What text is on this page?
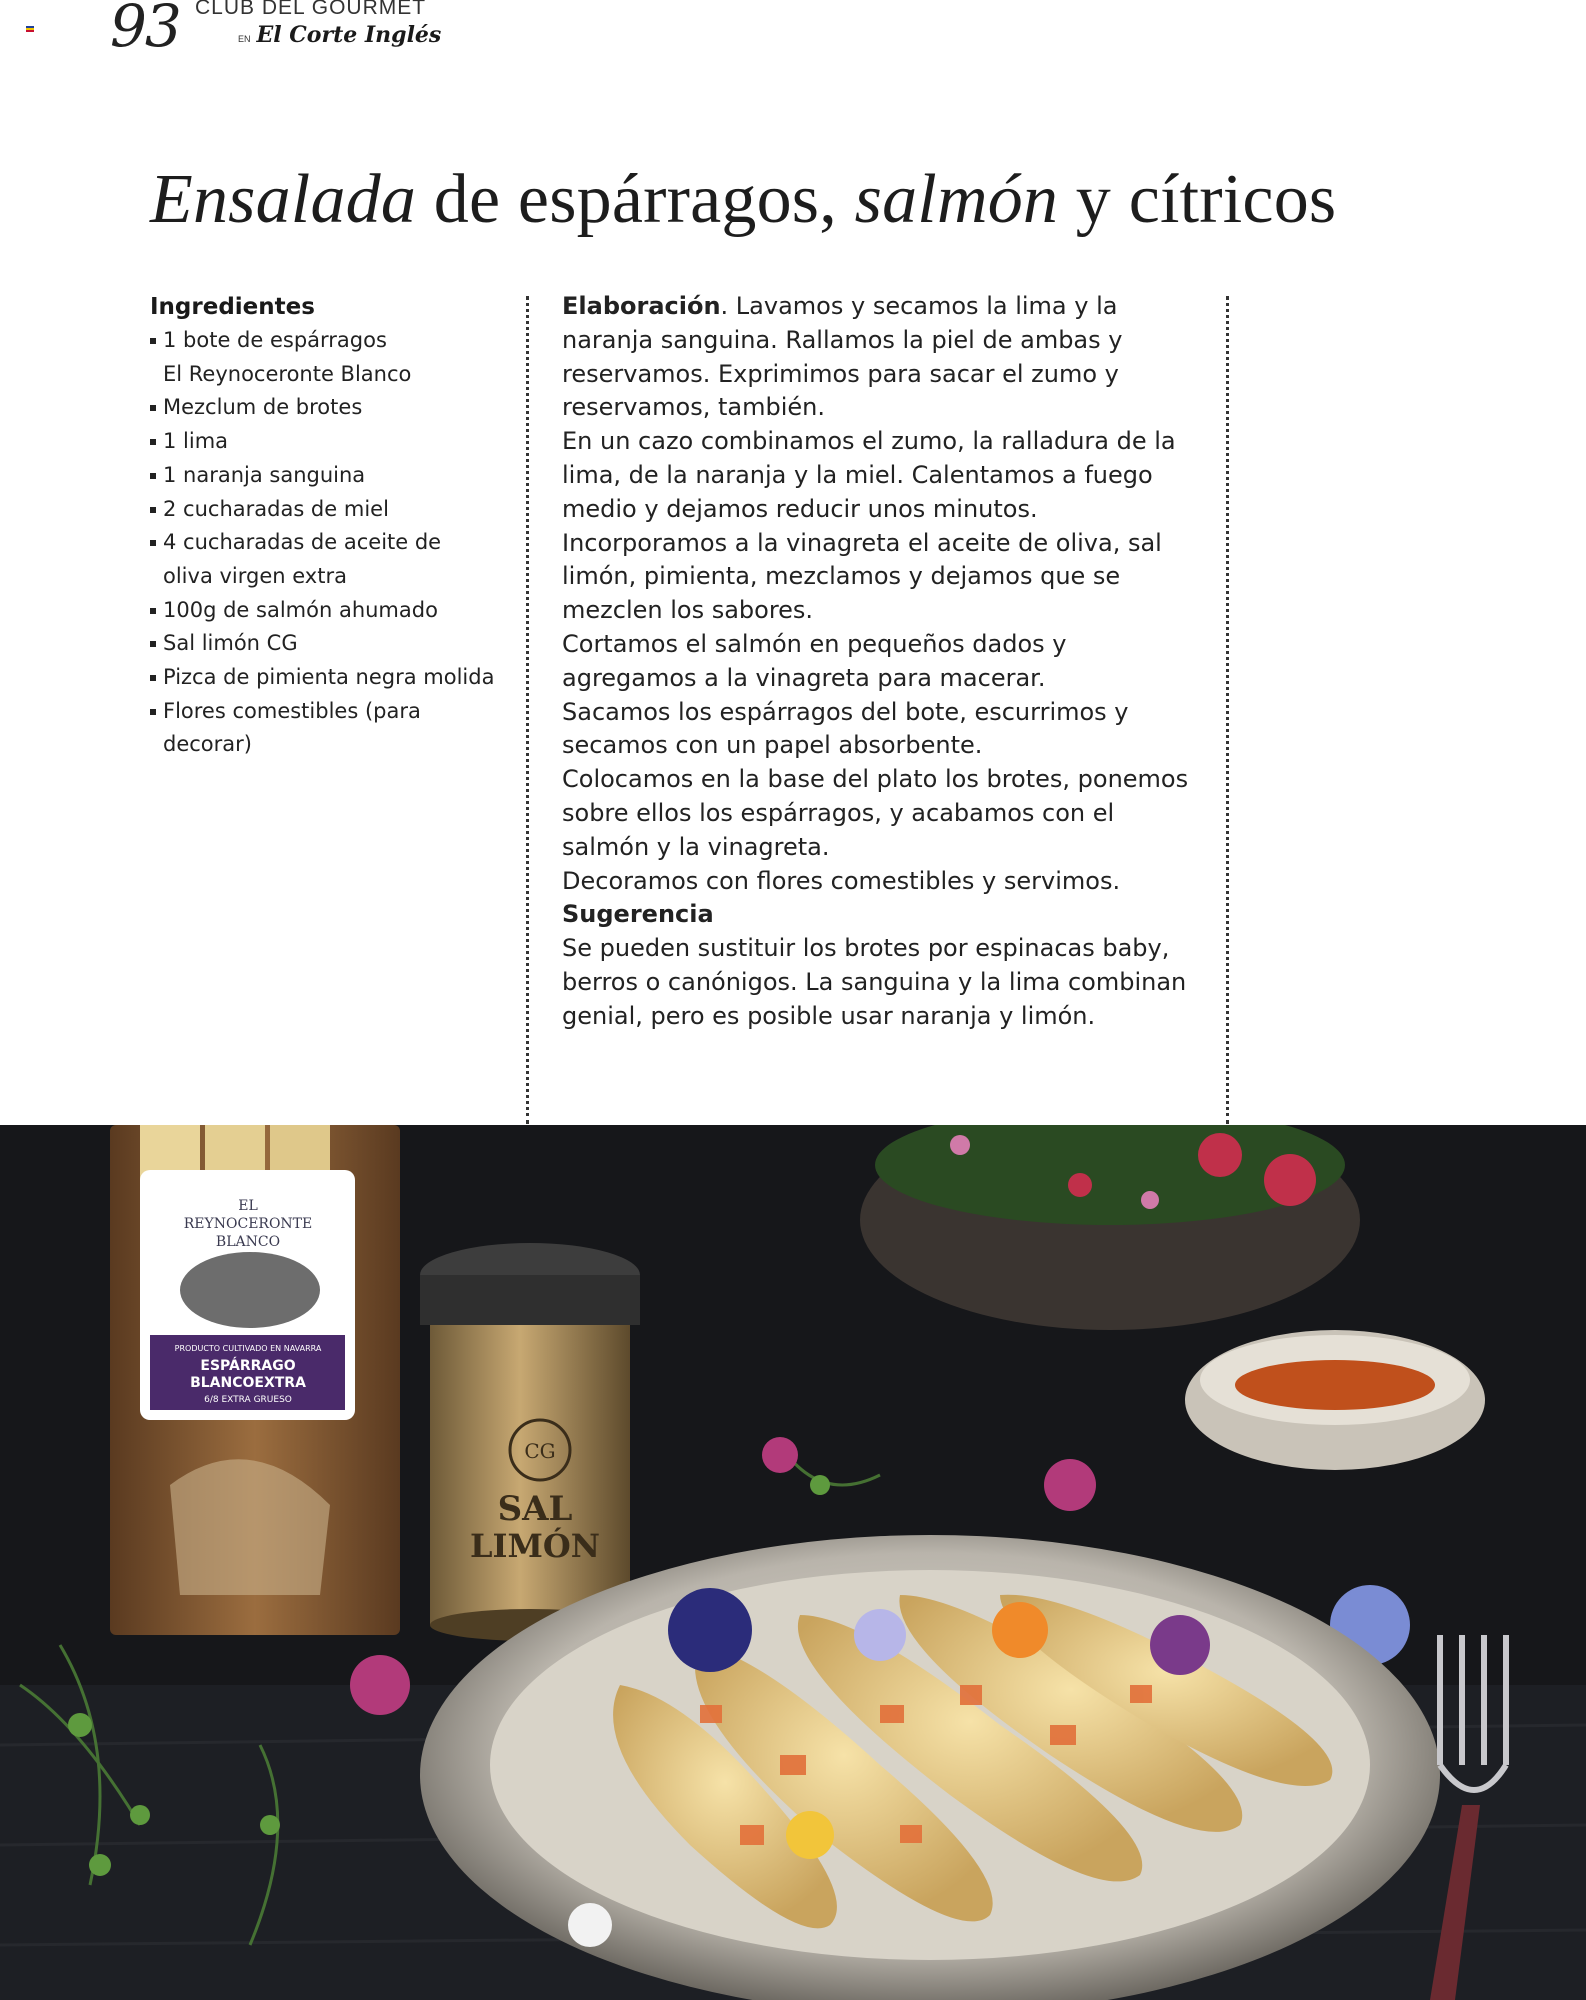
93 CLUB DEL GOURMET
EN El Corte Inglés
Ensalada de espárragos, salmón y cítricos
Ingredientes
1 bote de espárragos
El Reynoceronte Blanco
Mezclum de brotes
1 lima
1 naranja sanguina
2 cucharadas de miel
4 cucharadas de aceite de
oliva virgen extra
100g de salmón ahumado
Sal limón CG
Pizca de pimienta negra molida
Flores comestibles (para
decorar)

Elaboración. Lavamos y secamos la lima y la
naranja sanguina. Rallamos la piel de ambas y
reservamos. Exprimimos para sacar el zumo y
reservamos, también.

En un cazo combinamos el zumo, la ralladura de la
lima, de la naranja y la miel. Calentamos a fuego
medio y dejamos reducir unos minutos.

Incorporamos a la vinagreta el aceite de oliva, sal
limón, pimienta, mezclamos y dejamos que se
mezclen los sabores.

Cortamos el salmón en pequeños dados y
agregamos a la vinagreta para macerar.

Sacamos los espárragos del bote, escurrimos y
secamos con un papel absorbente.

Colocamos en la base del plato los brotes, ponemos
sobre ellos los espárragos, y acabamos con el
salmón y la vinagreta.

Decoramos con flores comestibles y servimos.

Sugerencia

Se pueden sustituir los brotes por espinacas baby,
berros o canónigos. La sanguina y la lima combinan
genial, pero es posible usar naranja y limón.

EL
REYNOCERONTE
BLANCO
PRODUCTO CULTIVADO EN NAVARRA
ESPÁRRAGO
BLANCOEXTRA
6/8 EXTRA GRUESO
CG
SAL
LIMÓN
